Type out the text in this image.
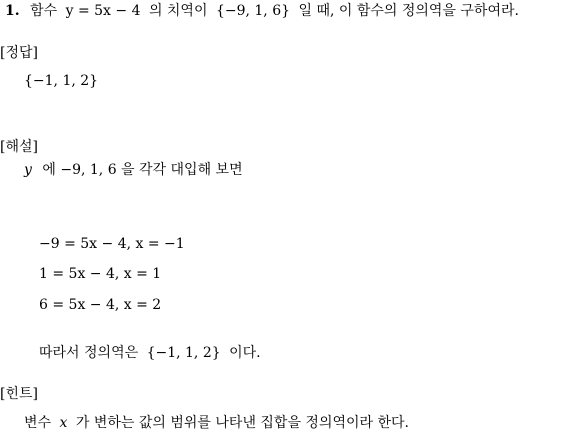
1. 함수 y = 5x − 4 의 치역이 {−9, 1, 6} 일 때, 이 함수의 정의역을 구하여라.
[정답]
{−1, 1, 2}
[해설]
y 에 −9, 1, 6 을 각각 대입해 보면
−9 = 5x − 4, x = −1
1 = 5x − 4, x = 1
6 = 5x − 4, x = 2
따라서 정의역은 {−1, 1, 2} 이다.
[힌트]
변수 x 가 변하는 값의 범위를 나타낸 집합을 정의역이라 한다.
